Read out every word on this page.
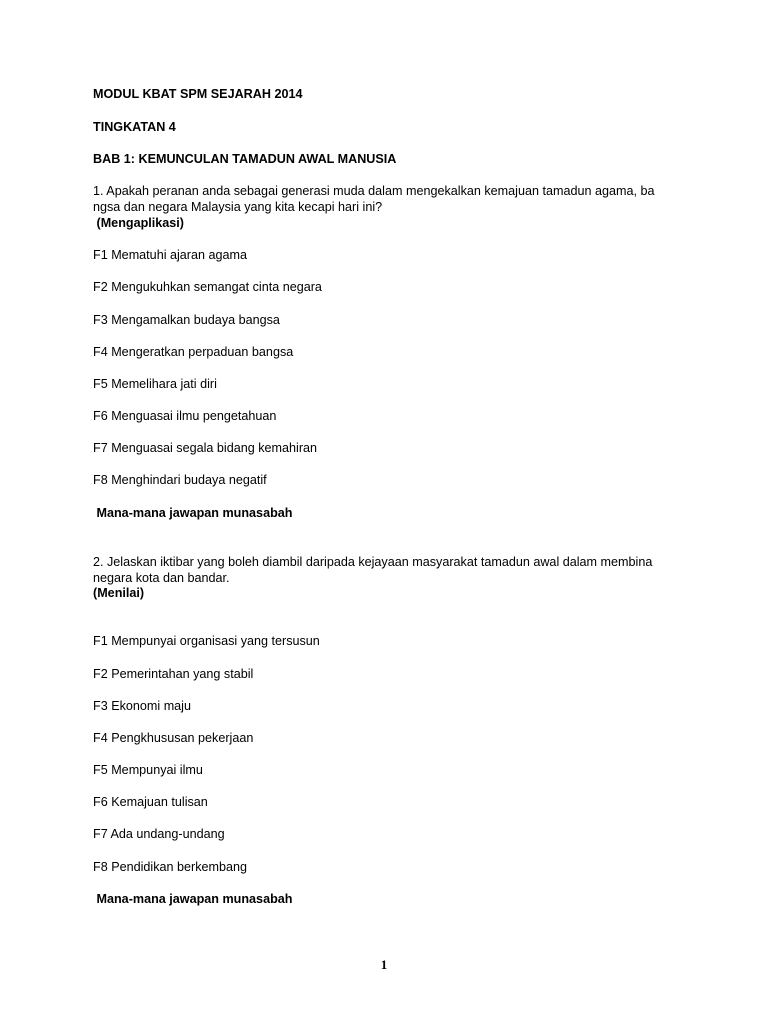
MODUL KBAT SPM SEJARAH 2014
TINGKATAN 4
BAB 1: KEMUNCULAN TAMADUN AWAL MANUSIA
1. Apakah peranan anda sebagai generasi muda dalam mengekalkan kemajuan tamadun agama, ba
ngsa dan negara Malaysia yang kita kecapi hari ini?
(Mengaplikasi)
F1 Mematuhi ajaran agama
F2 Mengukuhkan semangat cinta negara
F3 Mengamalkan budaya bangsa
F4 Mengeratkan perpaduan bangsa
F5 Memelihara jati diri
F6 Menguasai ilmu pengetahuan
F7 Menguasai segala bidang kemahiran
F8 Menghindari budaya negatif
Mana-mana jawapan munasabah
2. Jelaskan iktibar yang boleh diambil daripada kejayaan masyarakat tamadun awal dalam membina
negara kota dan bandar.
(Menilai)
F1 Mempunyai organisasi yang tersusun
F2 Pemerintahan yang stabil
F3 Ekonomi maju
F4 Pengkhususan pekerjaan
F5 Mempunyai ilmu
F6 Kemajuan tulisan
F7 Ada undang-undang
F8 Pendidikan berkembang
Mana-mana jawapan munasabah
1
